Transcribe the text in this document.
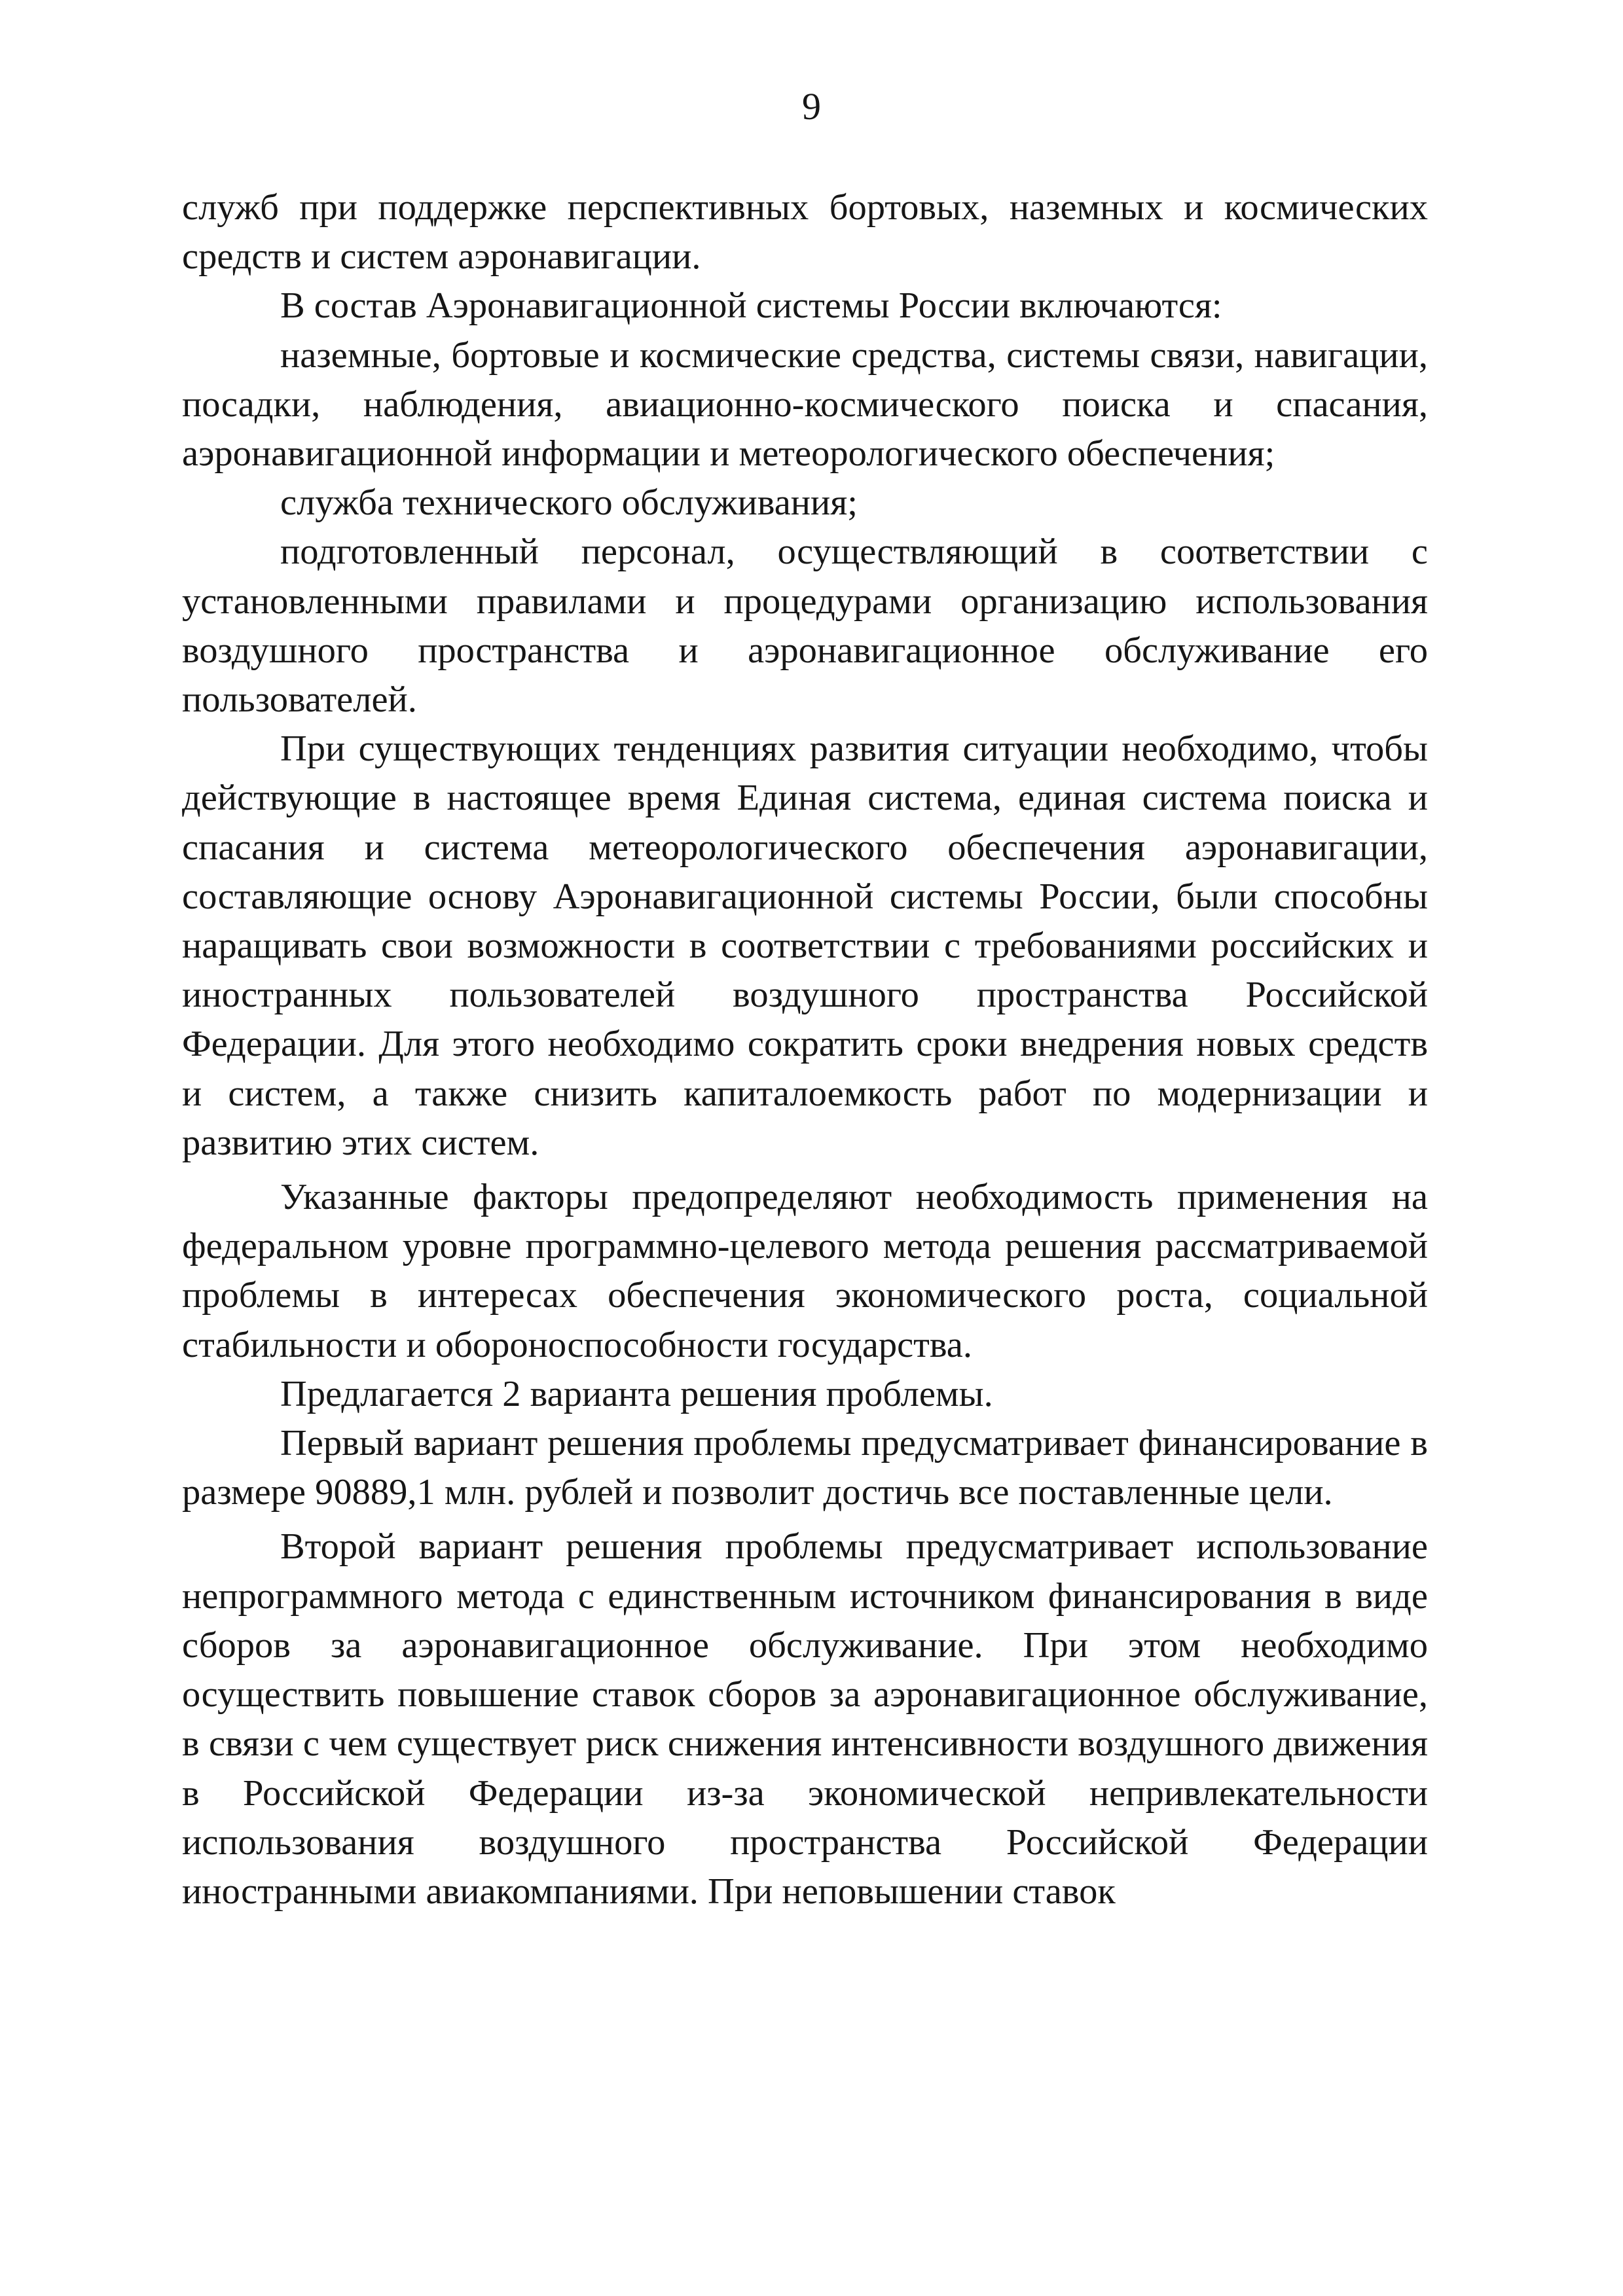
9

служб при поддержке перспективных бортовых, наземных и космических средств и систем аэронавигации.

В состав Аэронавигационной системы России включаются:

наземные, бортовые и космические средства, системы связи, навигации, посадки, наблюдения, авиационно-космического поиска и спасания, аэронавигационной информации и метеорологического обеспечения;

служба технического обслуживания;

подготовленный персонал, осуществляющий в соответствии с установленными правилами и процедурами организацию использования воздушного пространства и аэронавигационное обслуживание его пользователей.

При существующих тенденциях развития ситуации необходимо, чтобы действующие в настоящее время Единая система, единая система поиска и спасания и система метеорологического обеспечения аэронавигации, составляющие основу Аэронавигационной системы России, были способны наращивать свои возможности в соответствии с требованиями российских и иностранных пользователей воздушного пространства Российской Федерации. Для этого необходимо сократить сроки внедрения новых средств и систем, а также снизить капиталоемкость работ по модернизации и развитию этих систем.

Указанные факторы предопределяют необходимость применения на федеральном уровне программно-целевого метода решения рассматриваемой проблемы в интересах обеспечения экономического роста, социальной стабильности и обороноспособности государства.

Предлагается 2 варианта решения проблемы.

Первый вариант решения проблемы предусматривает финансирование в размере 90889,1 млн. рублей и позволит достичь все поставленные цели.

Второй вариант решения проблемы предусматривает использование непрограммного метода с единственным источником финансирования в виде сборов за аэронавигационное обслуживание. При этом необходимо осуществить повышение ставок сборов за аэронавигационное обслуживание, в связи с чем существует риск снижения интенсивности воздушного движения в Российской Федерации из-за экономической непривлекательности использования воздушного пространства Российской Федерации иностранными авиакомпаниями. При неповышении ставок
